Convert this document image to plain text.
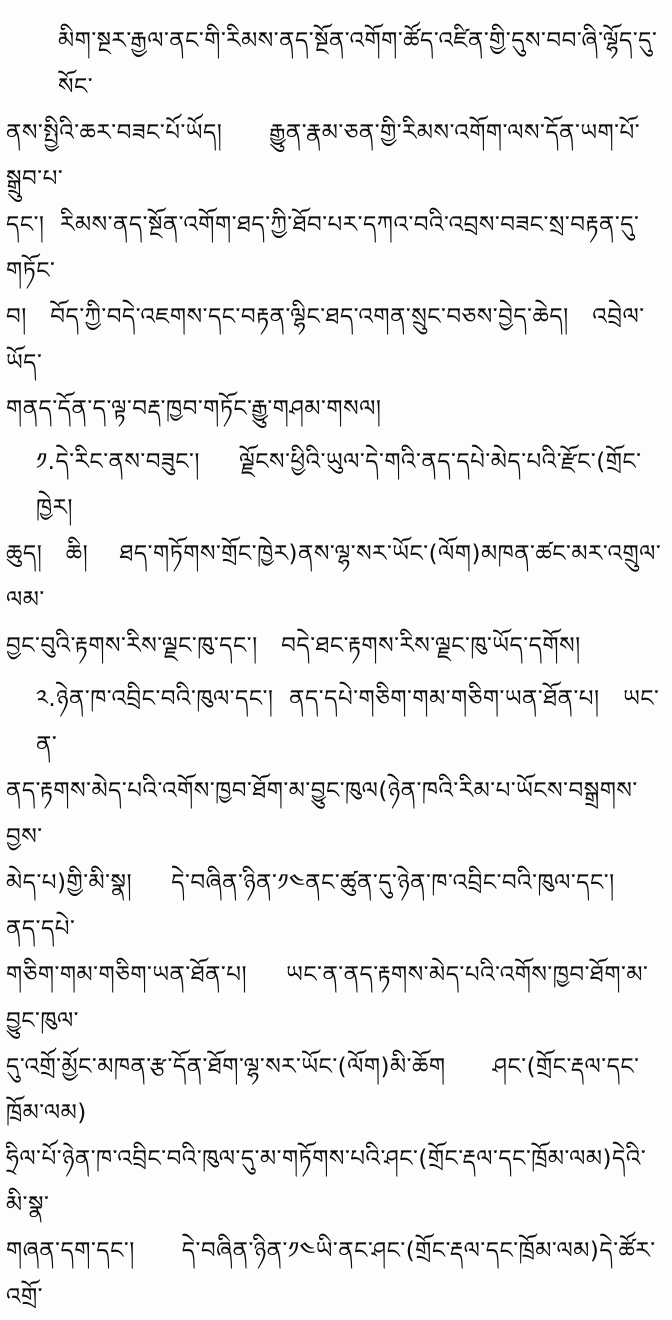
མིག་སྔར་རྒྱལ་ནང་གི་རིམས་ནད་སྔོན་འགོག་ཚོད་འཛིན་གྱི་དུས་བབ་ཞི་ལྷོད་དུ་སོང་
ནས་སྤྱིའི་ཆར་བཟང་པོ་ཡོད།      རྒྱུན་རྣམ་ཅན་གྱི་རིམས་འགོག་ལས་དོན་ཡག་པོ་སྒྲུབ་པ་
དང་།  རིམས་ནད་སྔོན་འགོག་ཐད་ཀྱི་ཐོབ་པར་དཀའ་བའི་འབྲས་བཟང་སྲ་བརྟན་དུ་གཏོང་
བ།   བོད་ཀྱི་བདེ་འཇགས་དང་བརྟན་ལྷིང་ཐད་འགན་སྲུང་བཅས་བྱེད་ཆེད།   འབྲེལ་ཡོད་
གནད་དོན་ད་ལྟ་བརྡ་ཁྱབ་གཏོང་རྒྱུ་གཤམ་གསལ།
༡.དེ་རིང་ནས་བཟུང་།     ལྗོངས་ཕྱིའི་ཡུལ་དེ་གའི་ནད་དཔེ་མེད་པའི་རྫོང་(གྲོང་ཁྱེར།
ཆུད།   ཆི།    ཐད་གཏོགས་གྲོང་ཁྱེར)ནས་ལྷ་སར་ཡོང་(ལོག)མཁན་ཚང་མར་འགྲུལ་ལམ་
བྱང་བུའི་རྟགས་རིས་ལྗང་ཁུ་དང་།   བདེ་ཐང་རྟགས་རིས་ལྗང་ཁུ་ཡོད་དགོས།
༢.ཉེན་ཁ་འབྲིང་བའི་ཁུལ་དང་།  ནད་དཔེ་གཅིག་གམ་གཅིག་ཡན་ཐོན་པ།   ཡང་ན་
ནད་རྟགས་མེད་པའི་འགོས་ཁྱབ་ཐོག་མ་བྱུང་ཁུལ(ཉེན་ཁའི་རིམ་པ་ཡོངས་བསྒྲགས་བྱས་
མེད་པ)གྱི་མི་སྣ།     དེ་བཞིན་ཉིན་༡༤ནང་ཚུན་དུ་ཉེན་ཁ་འབྲིང་བའི་ཁུལ་དང་།   ནད་དཔེ་
གཅིག་གམ་གཅིག་ཡན་ཐོན་པ།     ཡང་ན་ནད་རྟགས་མེད་པའི་འགོས་ཁྱབ་ཐོག་མ་བྱུང་ཁུལ་
དུ་འགྲོ་མྱོང་མཁན་རྩ་དོན་ཐོག་ལྷ་སར་ཡོང་(ལོག)མི་ཆོག      ཤང་(གྲོང་རྡལ་དང་ཁྲོམ་ལམ)
ཧྲིལ་པོ་ཉེན་ཁ་འབྲིང་བའི་ཁུལ་དུ་མ་གཏོགས་པའི་ཤང་(གྲོང་རྡལ་དང་ཁྲོམ་ལམ)དེའི་མི་སྣ་
གཞན་དག་དང་།      དེ་བཞིན་ཉིན་༡༤ཡི་ནང་ཤང་(གྲོང་རྡལ་དང་ཁྲོམ་ལམ)དེ་ཚོར་འགྲོ་
